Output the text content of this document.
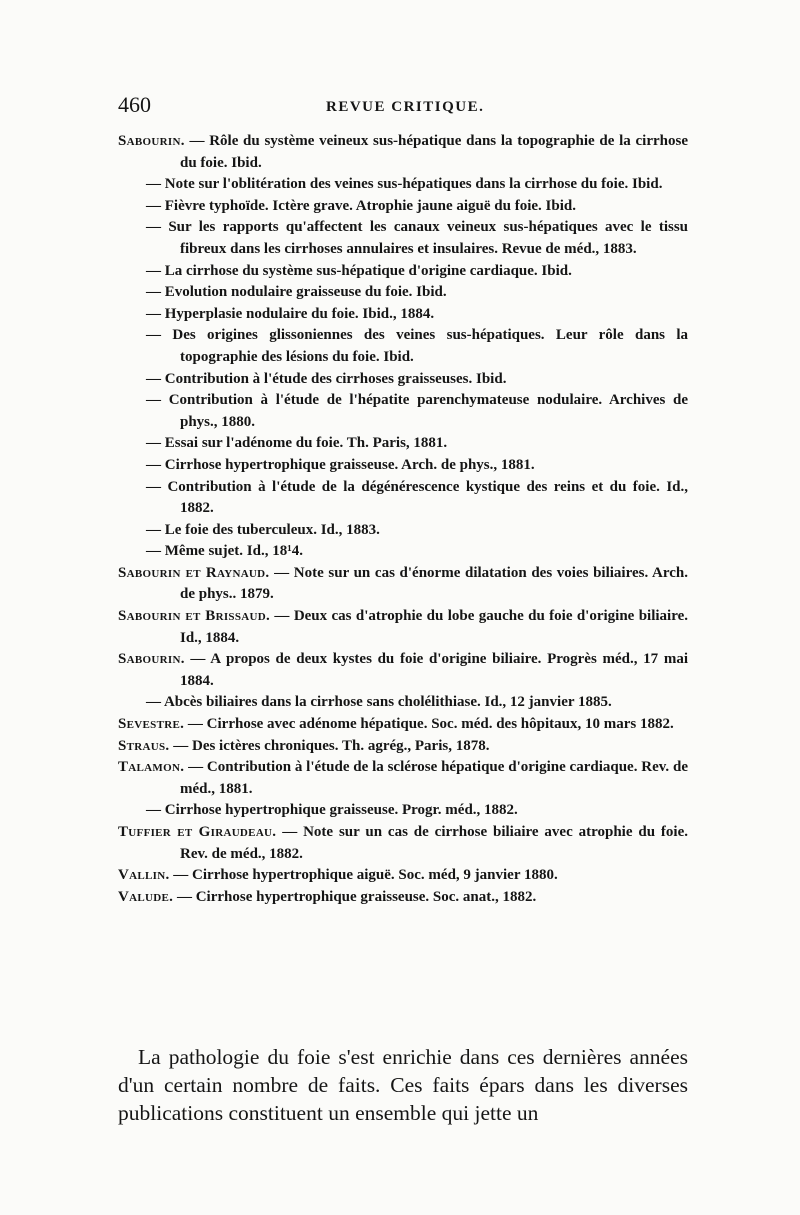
460	REVUE CRITIQUE.

Sabourin. — Rôle du système veineux sus-hépatique dans la topographie de la cirrhose du foie. Ibid.

— Note sur l'oblitération des veines sus-hépatiques dans la cirrhose du foie. Ibid.

— Fièvre typhoïde. Ictère grave. Atrophie jaune aiguë du foie. Ibid.

— Sur les rapports qu'affectent les canaux veineux sus-hépatiques avec le tissu fibreux dans les cirrhoses annulaires et insulaires. Revue de méd., 1883.

— La cirrhose du système sus-hépatique d'origine cardiaque. Ibid.

— Evolution nodulaire graisseuse du foie. Ibid.

— Hyperplasie nodulaire du foie. Ibid., 1884.

— Des origines glissoniennes des veines sus-hépatiques. Leur rôle dans la topographie des lésions du foie. Ibid.

— Contribution à l'étude des cirrhoses graisseuses. Ibid.

— Contribution à l'étude de l'hépatite parenchymateuse nodulaire. Archives de phys., 1880.

— Essai sur l'adénome du foie. Th. Paris, 1881.

— Cirrhose hypertrophique graisseuse. Arch. de phys., 1881.

— Contribution à l'étude de la dégénérescence kystique des reins et du foie. Id., 1882.

— Le foie des tuberculeux. Id., 1883.

— Même sujet. Id., 18¹4.

Sabourin et Raynaud. — Note sur un cas d'énorme dilatation des voies biliaires. Arch. de phys.. 1879.

Sabourin et Brissaud. — Deux cas d'atrophie du lobe gauche du foie d'origine biliaire. Id., 1884.

Sabourin. — A propos de deux kystes du foie d'origine biliaire. Progrès méd., 17 mai 1884.

— Abcès biliaires dans la cirrhose sans cholélithiase. Id., 12 janvier 1885.

Sevestre. — Cirrhose avec adénome hépatique. Soc. méd. des hôpitaux, 10 mars 1882.

Straus. — Des ictères chroniques. Th. agrég., Paris, 1878.

Talamon. — Contribution à l'étude de la sclérose hépatique d'origine cardiaque. Rev. de méd., 1881.

— Cirrhose hypertrophique graisseuse. Progr. méd., 1882.

Tuffier et Giraudeau. — Note sur un cas de cirrhose biliaire avec atrophie du foie. Rev. de méd., 1882.

Vallin. — Cirrhose hypertrophique aiguë. Soc. méd, 9 janvier 1880.

Valude. — Cirrhose hypertrophique graisseuse. Soc. anat., 1882.

La pathologie du foie s'est enrichie dans ces dernières années d'un certain nombre de faits. Ces faits épars dans les diverses publications constituent un ensemble qui jette un
